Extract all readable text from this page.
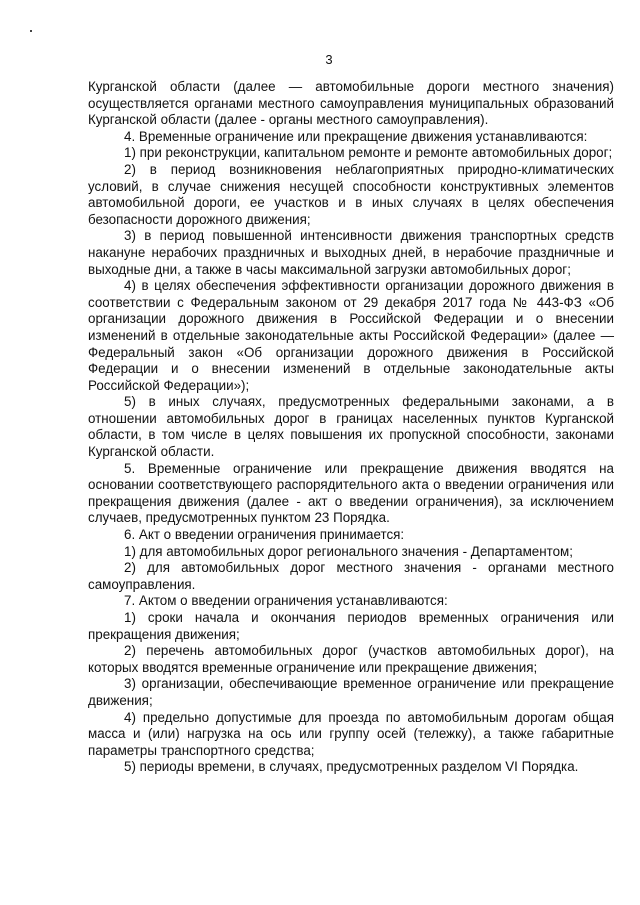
3

Курганской области (далее — автомобильные дороги местного значения) осуществляется органами местного самоуправления муниципальных образований Курганской области (далее - органы местного самоуправления).

4. Временные ограничение или прекращение движения устанавливаются:

1) при реконструкции, капитальном ремонте и ремонте автомобильных дорог;

2) в период возникновения неблагоприятных природно-климатических условий, в случае снижения несущей способности конструктивных элементов автомобильной дороги, ее участков и в иных случаях в целях обеспечения безопасности дорожного движения;

3) в период повышенной интенсивности движения транспортных средств накануне нерабочих праздничных и выходных дней, в нерабочие праздничные и выходные дни, а также в часы максимальной загрузки автомобильных дорог;

4) в целях обеспечения эффективности организации дорожного движения в соответствии с Федеральным законом от 29 декабря 2017 года № 443-ФЗ «Об организации дорожного движения в Российской Федерации и о внесении изменений в отдельные законодательные акты Российской Федерации» (далее — Федеральный закон «Об организации дорожного движения в Российской Федерации и о внесении изменений в отдельные законодательные акты Российской Федерации»);

5) в иных случаях, предусмотренных федеральными законами, а в отношении автомобильных дорог в границах населенных пунктов Курганской области, в том числе в целях повышения их пропускной способности, законами Курганской области.

5. Временные ограничение или прекращение движения вводятся на основании соответствующего распорядительного акта о введении ограничения или прекращения движения (далее - акт о введении ограничения), за исключением случаев, предусмотренных пунктом 23 Порядка.

6. Акт о введении ограничения принимается:

1) для автомобильных дорог регионального значения - Департаментом;

2) для автомобильных дорог местного значения - органами местного самоуправления.

7. Актом о введении ограничения устанавливаются:

1) сроки начала и окончания периодов временных ограничения или прекращения движения;

2) перечень автомобильных дорог (участков автомобильных дорог), на которых вводятся временные ограничение или прекращение движения;

3) организации, обеспечивающие временное ограничение или прекращение движения;

4) предельно допустимые для проезда по автомобильным дорогам общая масса и (или) нагрузка на ось или группу осей (тележку), а также габаритные параметры транспортного средства;

5) периоды времени, в случаях, предусмотренных разделом VI Порядка.
